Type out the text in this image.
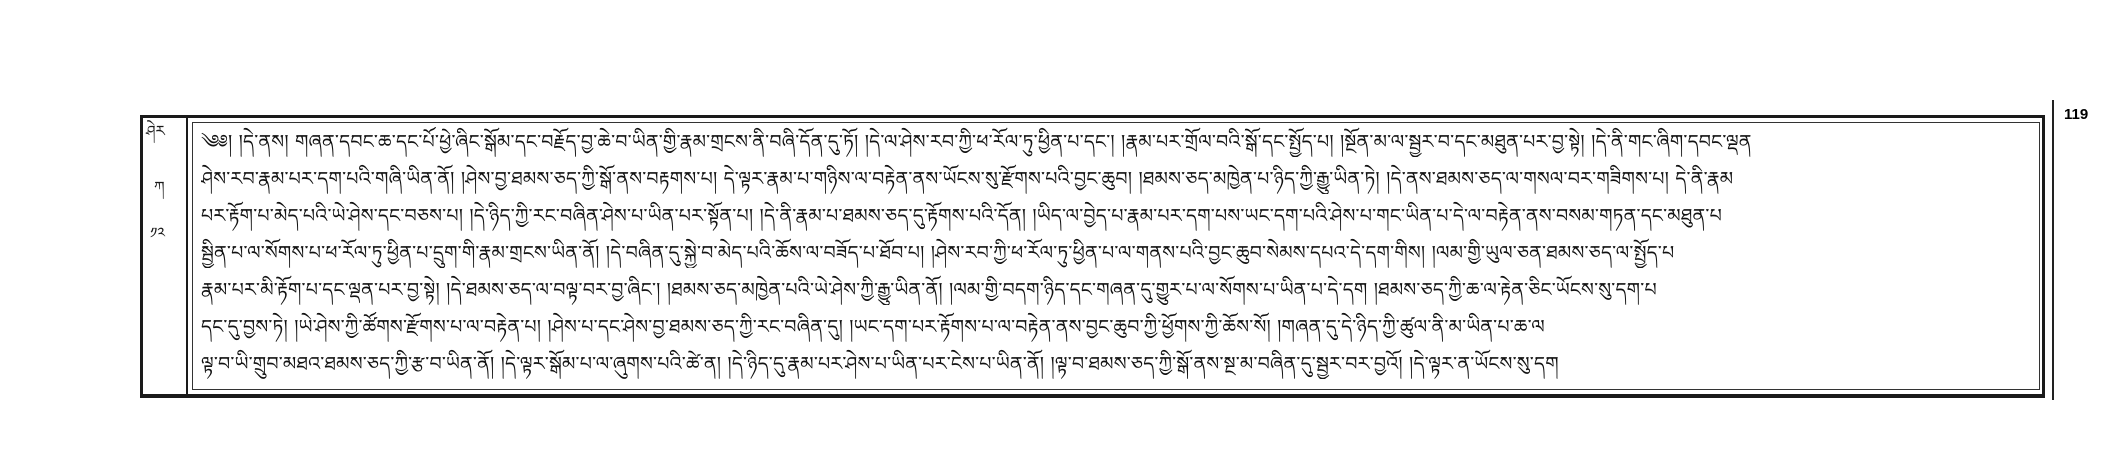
ཤེར
ཀ
༡༢
༄༅། །དེ་ནས། གཞན་དབང་ཆ་དང་པོ་ཕྱེ་ཞིང་སྒོམ་དང་བརྗོད་བྱ་ཆེ་བ་ཡིན་གྱི་རྣམ་གྲངས་ནི་བཞི་དོན་དུ་ཏོ། །དེ་ལ་ཤེས་རབ་ཀྱི་ཕ་རོལ་ཏུ་ཕྱིན་པ་དང་། །རྣམ་པར་གྲོལ་བའི་སྒོ་དང་སྤྱོད་པ། །སྔོན་མ་ལ་སྦྱར་བ་དང་མཐུན་པར་བྱ་སྟེ། །དེ་ནི་གང་ཞིག་དབང་ལྡན
ཤེས་རབ་རྣམ་པར་དག་པའི་གཞི་ཡིན་ནོ། །ཤེས་བྱ་ཐམས་ཅད་ཀྱི་སྒོ་ནས་བརྟགས་པ། དེ་ལྟར་རྣམ་པ་གཉིས་ལ་བརྟེན་ནས་ཡོངས་སུ་རྫོགས་པའི་བྱང་ཆུབ། །ཐམས་ཅད་མཁྱེན་པ་ཉིད་ཀྱི་རྒྱུ་ཡིན་ཏེ། །དེ་ནས་ཐམས་ཅད་ལ་གསལ་བར་གཟིགས་པ། དེ་ནི་རྣམ
པར་རྟོག་པ་མེད་པའི་ཡེ་ཤེས་དང་བཅས་པ། །དེ་ཉིད་ཀྱི་རང་བཞིན་ཤེས་པ་ཡིན་པར་སྟོན་པ། །དེ་ནི་རྣམ་པ་ཐམས་ཅད་དུ་རྟོགས་པའི་དོན། །ཡིད་ལ་བྱེད་པ་རྣམ་པར་དག་པས་ཡང་དག་པའི་ཤེས་པ་གང་ཡིན་པ་དེ་ལ་བརྟེན་ནས་བསམ་གཏན་དང་མཐུན་པ
སྦྱིན་པ་ལ་སོགས་པ་ཕ་རོལ་ཏུ་ཕྱིན་པ་དྲུག་གི་རྣམ་གྲངས་ཡིན་ནོ། །དེ་བཞིན་དུ་སྐྱེ་བ་མེད་པའི་ཆོས་ལ་བཟོད་པ་ཐོབ་པ། །ཤེས་རབ་ཀྱི་ཕ་རོལ་ཏུ་ཕྱིན་པ་ལ་གནས་པའི་བྱང་ཆུབ་སེམས་དཔའ་དེ་དག་གིས། །ལམ་གྱི་ཡུལ་ཅན་ཐམས་ཅད་ལ་སྤྱོད་པ
རྣམ་པར་མི་རྟོག་པ་དང་ལྡན་པར་བྱ་སྟེ། །དེ་ཐམས་ཅད་ལ་བལྟ་བར་བྱ་ཞིང་། །ཐམས་ཅད་མཁྱེན་པའི་ཡེ་ཤེས་ཀྱི་རྒྱུ་ཡིན་ནོ། །ལམ་གྱི་བདག་ཉིད་དང་གཞན་དུ་གྱུར་པ་ལ་སོགས་པ་ཡིན་པ་དེ་དག །ཐམས་ཅད་ཀྱི་ཆ་ལ་རྟེན་ཅིང་ཡོངས་སུ་དག་པ
དང་དུ་བྱས་ཏེ། །ཡེ་ཤེས་ཀྱི་ཚོགས་རྫོགས་པ་ལ་བརྟེན་པ། །ཤེས་པ་དང་ཤེས་བྱ་ཐམས་ཅད་ཀྱི་རང་བཞིན་དུ། །ཡང་དག་པར་རྟོགས་པ་ལ་བརྟེན་ནས་བྱང་ཆུབ་ཀྱི་ཕྱོགས་ཀྱི་ཆོས་སོ། །གཞན་དུ་དེ་ཉིད་ཀྱི་ཚུལ་ནི་མ་ཡིན་པ་ཆ་ལ
ལྟ་བ་ཡི་གྲུབ་མཐའ་ཐམས་ཅད་ཀྱི་རྩ་བ་ཡིན་ནོ། །དེ་ལྟར་སྒོམ་པ་ལ་ཞུགས་པའི་ཚེ་ན། །དེ་ཉིད་དུ་རྣམ་པར་ཤེས་པ་ཡིན་པར་ངེས་པ་ཡིན་ནོ། །ལྟ་བ་ཐམས་ཅད་ཀྱི་སྒོ་ནས་སྔ་མ་བཞིན་དུ་སྦྱར་བར་བྱའོ། །དེ་ལྟར་ན་ཡོངས་སུ་དག
119
